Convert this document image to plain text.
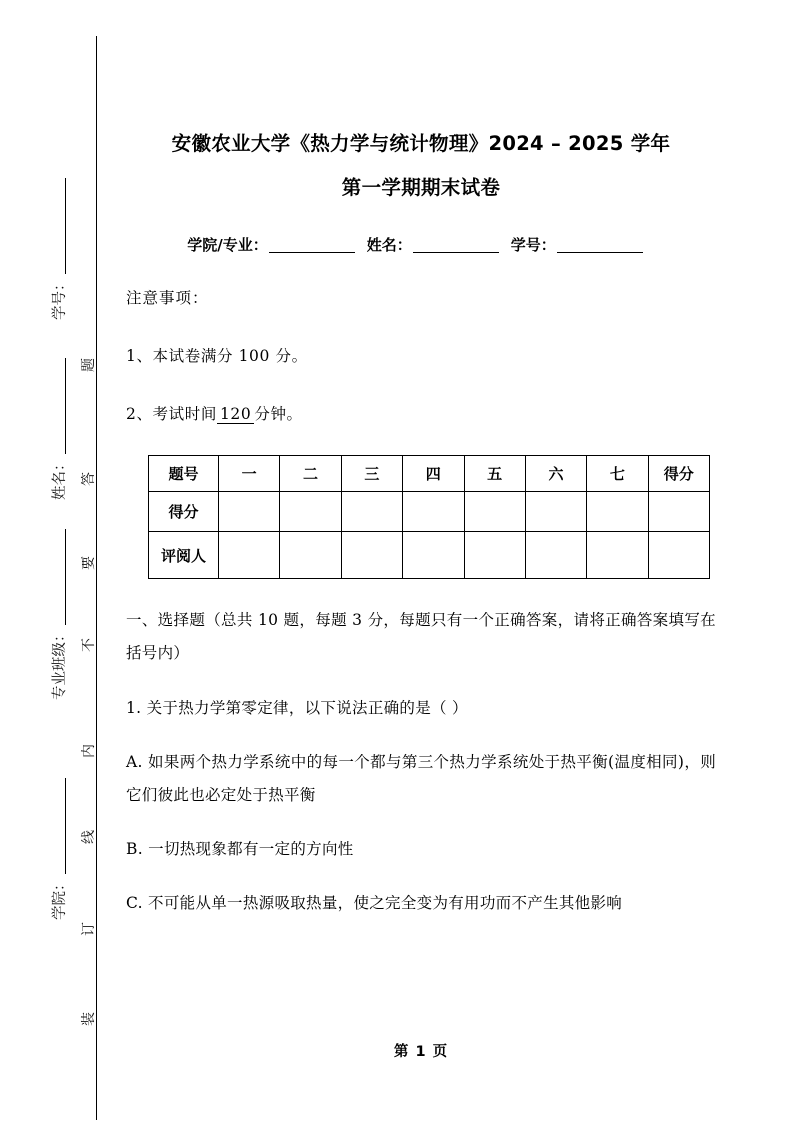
题
答
要
不
内
线
订
装
学号：
姓名：
专业班级：
学院：
安徽农业大学《热力学与统计物理》2024 – 2025 学年
第一学期期末试卷

学院/专业：	姓名：	学号：

注意事项：

1、本试卷满分 100 分。

2、考试时间 120 分钟。

题号	一	二	三	四	五	六	七	得分
得分								
评阅人								

一、选择题（总共 10 题，每题 3 分，每题只有一个正确答案，请将正确答案填写在括号内）

1. 关于热力学第零定律，以下说法正确的是（ ）

A. 如果两个热力学系统中的每一个都与第三个热力学系统处于热平衡(温度相同)，则它们彼此也必定处于热平衡

B. 一切热现象都有一定的方向性

C. 不可能从单一热源吸取热量，使之完全变为有用功而不产生其他影响

第 1 页
